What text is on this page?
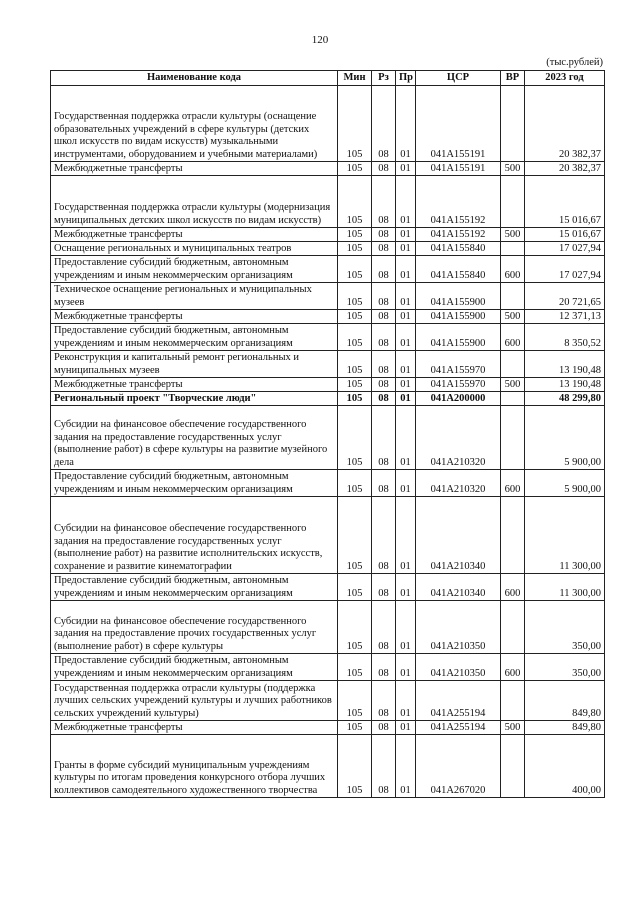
120
(тыс.рублей)
Наименование кода	Мин	Рз	Пр	ЦСР	ВР	2023 год
Государственная поддержка отрасли культуры (оснащение образовательных учреждений в сфере культуры (детских школ искусств по видам искусств) музыкальными инструментами, оборудованием и учебными материалами)	105	08	01	041A155191		20 382,37
Межбюджетные трансферты	105	08	01	041A155191	500	20 382,37
Государственная поддержка отрасли культуры (модернизация муниципальных детских школ искусств по видам искусств)	105	08	01	041A155192		15 016,67
Межбюджетные трансферты	105	08	01	041A155192	500	15 016,67
Оснащение региональных и муниципальных театров	105	08	01	041A155840		17 027,94
Предоставление субсидий бюджетным, автономным учреждениям и иным некоммерческим организациям	105	08	01	041A155840	600	17 027,94
Техническое оснащение региональных и муниципальных музеев	105	08	01	041A155900		20 721,65
Межбюджетные трансферты	105	08	01	041A155900	500	12 371,13
Предоставление субсидий бюджетным, автономным учреждениям и иным некоммерческим организациям	105	08	01	041A155900	600	8 350,52
Реконструкция и капитальный ремонт региональных и муниципальных музеев	105	08	01	041A155970		13 190,48
Межбюджетные трансферты	105	08	01	041A155970	500	13 190,48
Региональный проект "Творческие люди"	105	08	01	041A200000		48 299,80
Субсидии на финансовое обеспечение государственного задания на предоставление государственных услуг (выполнение работ) в сфере культуры на развитие музейного дела	105	08	01	041A210320		5 900,00
Предоставление субсидий бюджетным, автономным учреждениям и иным некоммерческим организациям	105	08	01	041A210320	600	5 900,00
Субсидии на финансовое обеспечение государственного задания на предоставление государственных услуг (выполнение работ) на развитие исполнительских искусств, сохранение и развитие кинематографии	105	08	01	041A210340		11 300,00
Предоставление субсидий бюджетным, автономным учреждениям и иным некоммерческим организациям	105	08	01	041A210340	600	11 300,00
Субсидии на финансовое обеспечение государственного задания на предоставление прочих государственных услуг (выполнение работ) в сфере культуры	105	08	01	041A210350		350,00
Предоставление субсидий бюджетным, автономным учреждениям и иным некоммерческим организациям	105	08	01	041A210350	600	350,00
Государственная поддержка отрасли культуры (поддержка лучших сельских учреждений культуры и лучших работников сельских учреждений культуры)	105	08	01	041A255194		849,80
Межбюджетные трансферты	105	08	01	041A255194	500	849,80
Гранты в форме субсидий муниципальным учреждениям культуры по итогам проведения конкурсного отбора лучших коллективов самодеятельного художественного творчества	105	08	01	041A267020		400,00
